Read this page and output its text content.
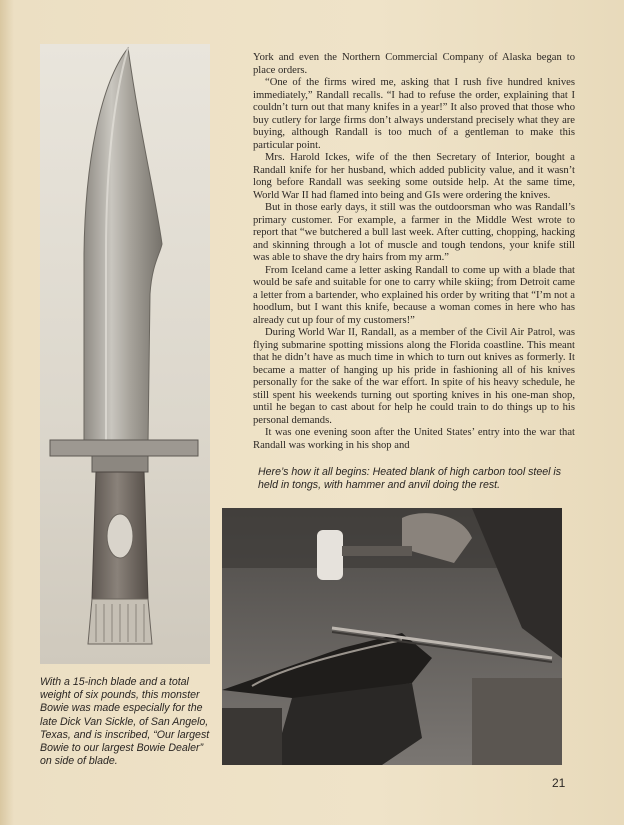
With a 15-inch blade and a total weight of six pounds, this monster Bowie was made especially for the late Dick Van Sickle, of San Angelo, Texas, and is inscribed, “Our largest Bowie to our largest Bowie Dealer” on side of blade.

York and even the Northern Commercial Company of Alaska began to place orders.

“One of the firms wired me, asking that I rush five hundred knives immediately,” Randall recalls. “I had to refuse the order, explaining that I couldn’t turn out that many knifes in a year!” It also proved that those who buy cutlery for large firms don’t always understand precisely what they are buying, although Randall is too much of a gentleman to make this particular point.

Mrs. Harold Ickes, wife of the then Secretary of Interior, bought a Randall knife for her husband, which added publicity value, and it wasn’t long before Randall was seeking some outside help. At the same time, World War II had flamed into being and GIs were ordering the knives.

But in those early days, it still was the outdoorsman who was Randall’s primary customer. For example, a farmer in the Middle West wrote to report that “we butchered a bull last week. After cutting, chopping, hacking and skinning through a lot of muscle and tough tendons, your knife still was able to shave the dry hairs from my arm.”

From Iceland came a letter asking Randall to come up with a blade that would be safe and suitable for one to carry while skiing; from Detroit came a letter from a bartender, who explained his order by writing that “I’m not a hoodlum, but I want this knife, because a woman comes in here who has already cut up four of my customers!”

During World War II, Randall, as a member of the Civil Air Patrol, was flying submarine spotting missions along the Florida coastline. This meant that he didn’t have as much time in which to turn out knives as formerly. It became a matter of hanging up his pride in fashioning all of his knives personally for the sake of the war effort. In spite of his heavy schedule, he still spent his weekends turning out sporting knives in his one-man shop, until he began to cast about for help he could train to do things up to his personal demands.

It was one evening soon after the United States’ entry into the war that Randall was working in his shop and

Here’s how it all begins: Heated blank of high carbon tool steel is held in tongs, with hammer and anvil doing the rest.

21
